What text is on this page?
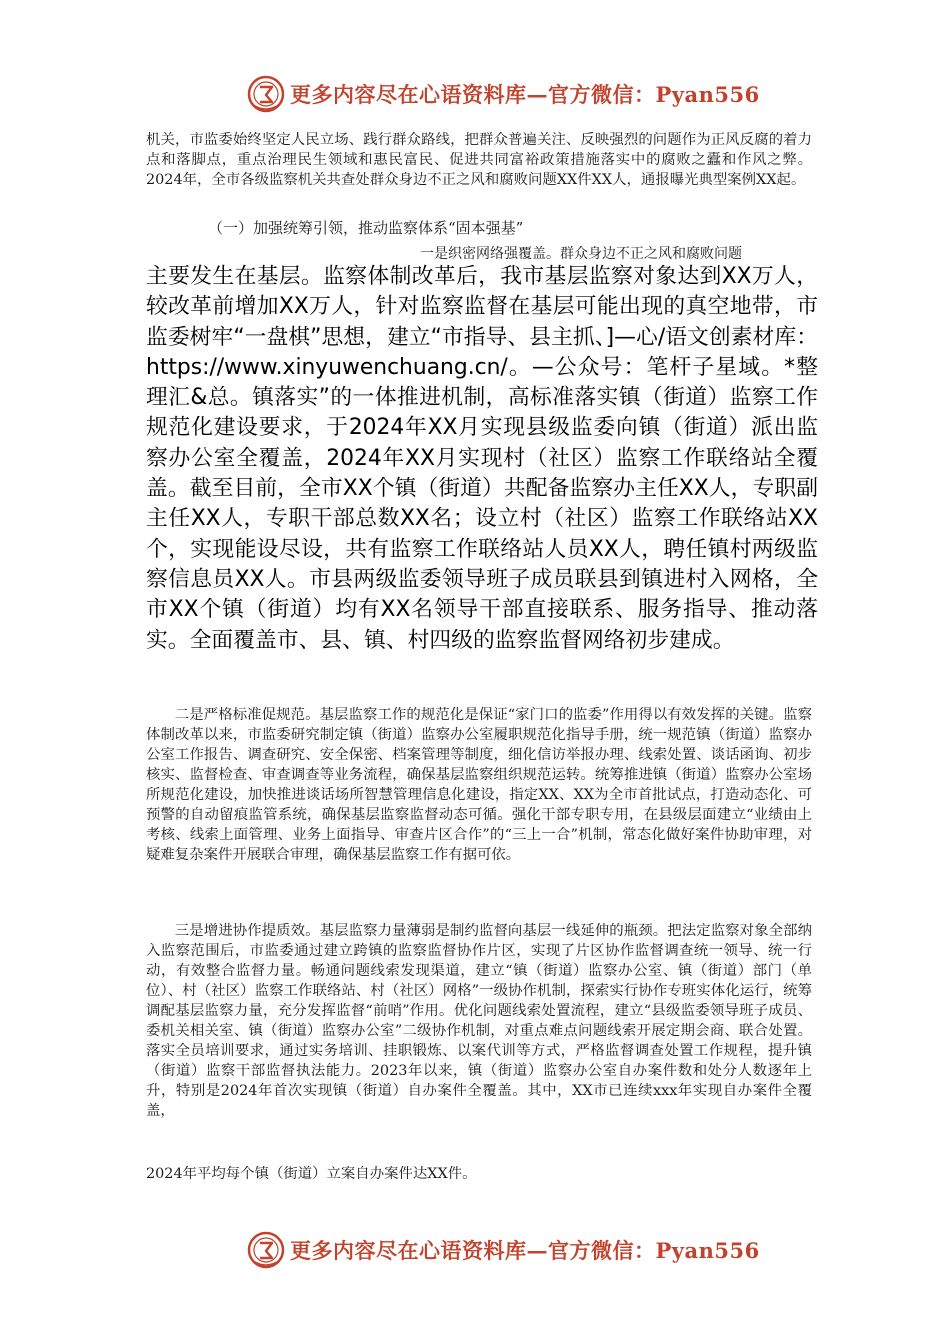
更多内容尽在心语资料库—官方微信：Pyan556

机关，市监委始终坚定人民立场、践行群众路线，把群众普遍关注、反映强烈的问题作为正风反腐的着力点和落脚点，重点治理民生领域和惠民富民、促进共同富裕政策措施落实中的腐败之蠹和作风之弊。2024年，全市各级监察机关共查处群众身边不正之风和腐败问题XX件XX人，通报曝光典型案例XX起。

（一）加强统筹引领，推动监察体系“固本强基”

一是织密网络强覆盖。群众身边不正之风和腐败问题

主要发生在基层。监察体制改革后，我市基层监察对象达到XX万人，较改革前增加XX万人，针对监察监督在基层可能出现的真空地带，市监委树牢“一盘棋”思想，建立“市指导、县主抓、]—心/语文创素材库：https://www.xinyuwenchuang.cn/。—公众号：笔杆子星域。*整理汇&总。镇落实”的一体推进机制，高标准落实镇（街道）监察工作规范化建设要求，于2024年XX月实现县级监委向镇（街道）派出监察办公室全覆盖，2024年XX月实现村（社区）监察工作联络站全覆盖。截至目前，全市XX个镇（街道）共配备监察办主任XX人，专职副主任XX人，专职干部总数XX名；设立村（社区）监察工作联络站XX个，实现能设尽设，共有监察工作联络站人员XX人，聘任镇村两级监察信息员XX人。市县两级监委领导班子成员联县到镇进村入网格，全市XX个镇（街道）均有XX名领导干部直接联系、服务指导、推动落实。全面覆盖市、县、镇、村四级的监察监督网络初步建成。

二是严格标准促规范。基层监察工作的规范化是保证“家门口的监委”作用得以有效发挥的关键。监察体制改革以来，市监委研究制定镇（街道）监察办公室履职规范化指导手册，统一规范镇（街道）监察办公室工作报告、调查研究、安全保密、档案管理等制度，细化信访举报办理、线索处置、谈话函询、初步核实、监督检查、审查调查等业务流程，确保基层监察组织规范运转。统筹推进镇（街道）监察办公室场所规范化建设，加快推进谈话场所智慧管理信息化建设，指定XX、XX为全市首批试点，打造动态化、可预警的自动留痕监管系统，确保基层监察监督动态可循。强化干部专职专用，在县级层面建立“业绩由上考核、线索上面管理、业务上面指导、审查片区合作”的“三上一合”机制，常态化做好案件协助审理，对疑难复杂案件开展联合审理，确保基层监察工作有据可依。

三是增进协作提质效。基层监察力量薄弱是制约监督向基层一线延伸的瓶颈。把法定监察对象全部纳入监察范围后，市监委通过建立跨镇的监察监督协作片区，实现了片区协作监督调查统一领导、统一行动，有效整合监督力量。畅通问题线索发现渠道，建立“镇（街道）监察办公室、镇（街道）部门（单位）、村（社区）监察工作联络站、村（社区）网格”一级协作机制，探索实行协作专班实体化运行，统筹调配基层监察力量，充分发挥监督“前哨”作用。优化问题线索处置流程，建立“县级监委领导班子成员、委机关相关室、镇（街道）监察办公室”二级协作机制，对重点难点问题线索开展定期会商、联合处置。落实全员培训要求，通过实务培训、挂职锻炼、以案代训等方式，严格监督调查处置工作规程，提升镇（街道）监察干部监督执法能力。2023年以来，镇（街道）监察办公室自办案件数和处分人数逐年上升，特别是2024年首次实现镇（街道）自办案件全覆盖。其中，XX市已连续xxx年实现自办案件全覆盖，

2024年平均每个镇（街道）立案自办案件达XX件。

更多内容尽在心语资料库—官方微信：Pyan556
